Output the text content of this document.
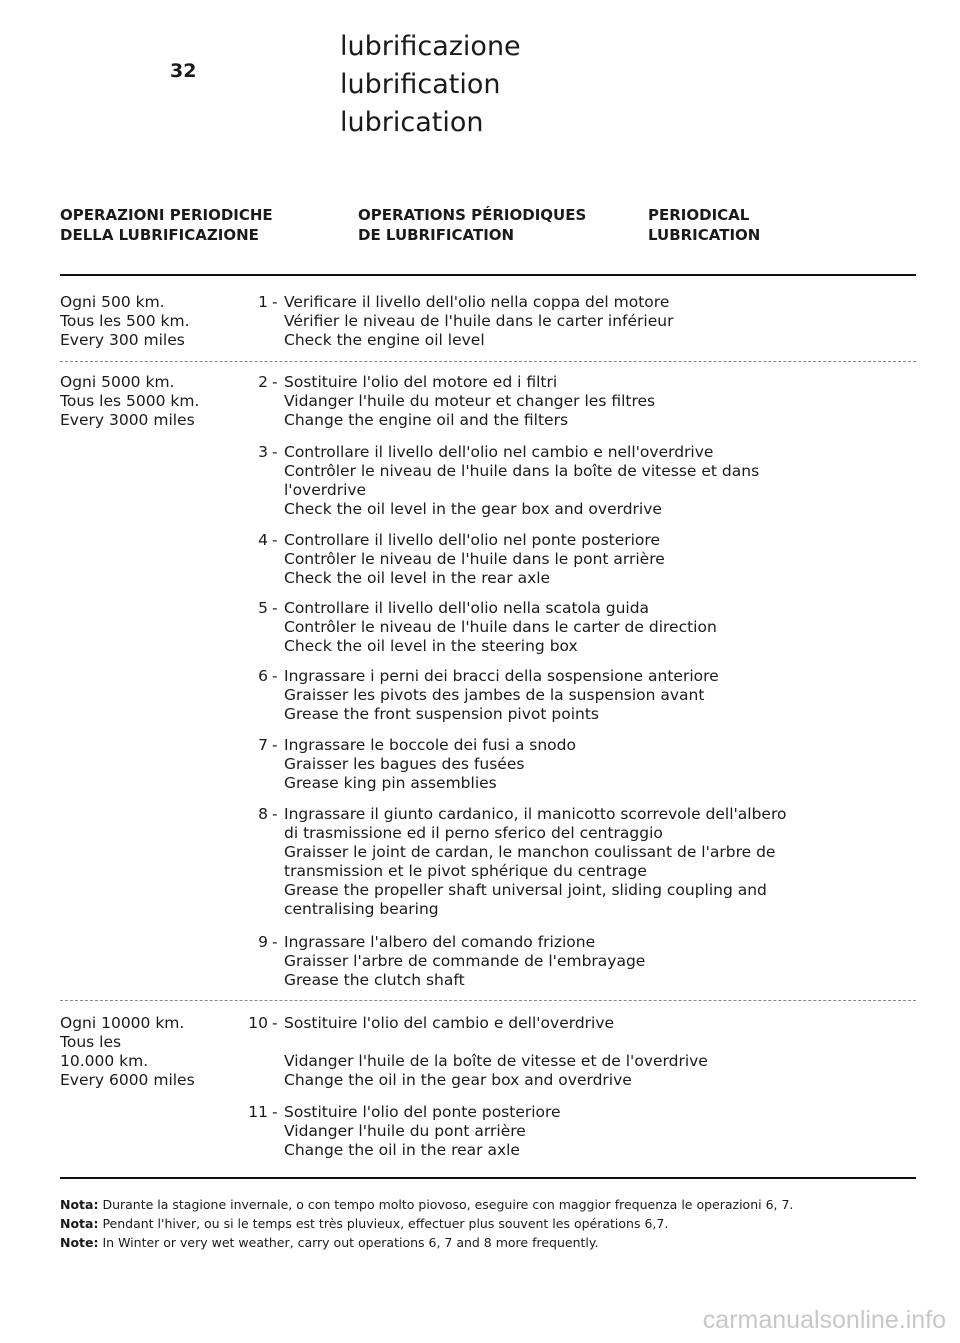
32
lubrificazione
lubrification
lubrication
OPERAZIONI PERIODICHE
DELLA LUBRIFICAZIONE
OPERATIONS PÉRIODIQUES
DE LUBRIFICATION
PERIODICAL
LUBRICATION
Ogni 500 km.
Tous les 500 km.
Every 300 miles
1 - Verificare il livello dell'olio nella coppa del motore
Vérifier le niveau de l'huile dans le carter inférieur
Check the engine oil level
Ogni 5000 km.
Tous les 5000 km.
Every 3000 miles
2 - Sostituire l'olio del motore ed i filtri
Vidanger l'huile du moteur et changer les filtres
Change the engine oil and the filters
3 - Controllare il livello dell'olio nel cambio e nell'overdrive
Contrôler le niveau de l'huile dans la boîte de vitesse et dans
l'overdrive
Check the oil level in the gear box and overdrive
4 - Controllare il livello dell'olio nel ponte posteriore
Contrôler le niveau de l'huile dans le pont arrière
Check the oil level in the rear axle
5 - Controllare il livello dell'olio nella scatola guida
Contrôler le niveau de l'huile dans le carter de direction
Check the oil level in the steering box
6 - Ingrassare i perni dei bracci della sospensione anteriore
Graisser les pivots des jambes de la suspension avant
Grease the front suspension pivot points
7 - Ingrassare le boccole dei fusi a snodo
Graisser les bagues des fusées
Grease king pin assemblies
8 - Ingrassare il giunto cardanico, il manicotto scorrevole dell'albero
di trasmissione ed il perno sferico del centraggio
Graisser le joint de cardan, le manchon coulissant de l'arbre de
transmission et le pivot sphérique du centrage
Grease the propeller shaft universal joint, sliding coupling and
centralising bearing
9 - Ingrassare l'albero del comando frizione
Graisser l'arbre de commande de l'embrayage
Grease the clutch shaft
Ogni 10000 km.
Tous les
10.000 km.
Every 6000 miles
10 - Sostituire l'olio del cambio e dell'overdrive
Vidanger l'huile de la boîte de vitesse et de l'overdrive
Change the oil in the gear box and overdrive
11 - Sostituire l'olio del ponte posteriore
Vidanger l'huile du pont arrière
Change the oil in the rear axle

Nota: Durante la stagione invernale, o con tempo molto piovoso, eseguire con maggior frequenza le operazioni 6, 7.

Nota: Pendant l'hiver, ou si le temps est très pluvieux, effectuer plus souvent les opérations 6,7.

Note: In Winter or very wet weather, carry out operations 6, 7 and 8 more frequently.

carmanualsonline.info
